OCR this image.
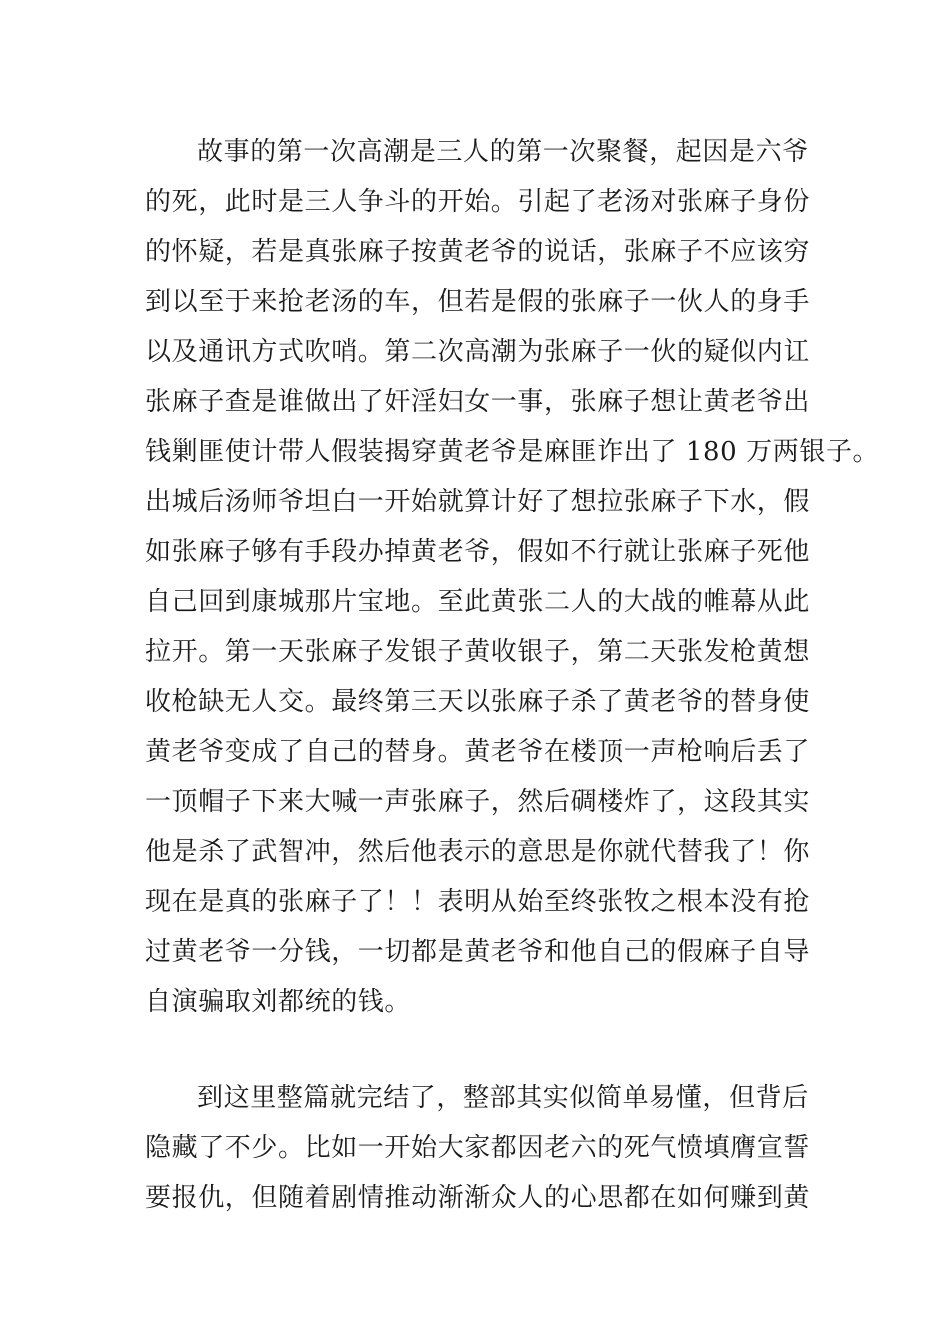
故事的第一次高潮是三人的第一次聚餐，起因是六爷
的死，此时是三人争斗的开始。引起了老汤对张麻子身份
的怀疑，若是真张麻子按黄老爷的说话，张麻子不应该穷
到以至于来抢老汤的车，但若是假的张麻子一伙人的身手
以及通讯方式吹哨。第二次高潮为张麻子一伙的疑似内讧
张麻子查是谁做出了奸淫妇女一事，张麻子想让黄老爷出
钱剿匪使计带人假装揭穿黄老爷是麻匪诈出了 180 万两银子。
出城后汤师爷坦白一开始就算计好了想拉张麻子下水，假
如张麻子够有手段办掉黄老爷，假如不行就让张麻子死他
自己回到康城那片宝地。至此黄张二人的大战的帷幕从此
拉开。第一天张麻子发银子黄收银子，第二天张发枪黄想
收枪缺无人交。最终第三天以张麻子杀了黄老爷的替身使
黄老爷变成了自己的替身。黄老爷在楼顶一声枪响后丢了
一顶帽子下来大喊一声张麻子，然后碉楼炸了，这段其实
他是杀了武智冲，然后他表示的意思是你就代替我了！你
现在是真的张麻子了！！表明从始至终张牧之根本没有抢
过黄老爷一分钱，一切都是黄老爷和他自己的假麻子自导
自演骗取刘都统的钱。
到这里整篇就完结了，整部其实似简单易懂，但背后
隐藏了不少。比如一开始大家都因老六的死气愤填膺宣誓
要报仇，但随着剧情推动渐渐众人的心思都在如何赚到黄
